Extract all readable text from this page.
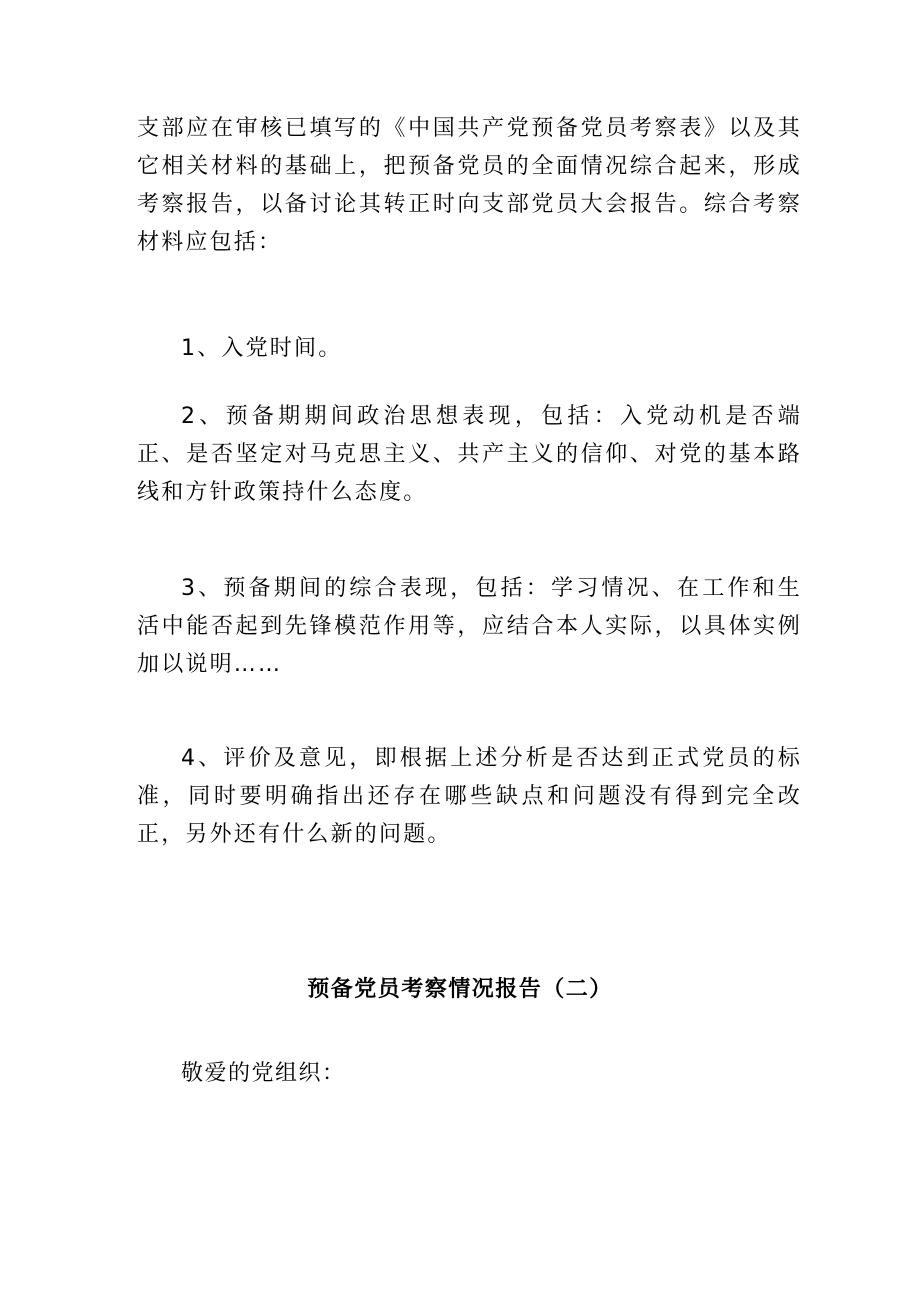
支部应在审核已填写的《中国共产党预备党员考察表》以及其它相关材料的基础上，把预备党员的全面情况综合起来，形成考察报告，以备讨论其转正时向支部党员大会报告。综合考察材料应包括：

1、入党时间。

2、预备期期间政治思想表现，包括：入党动机是否端正、是否坚定对马克思主义、共产主义的信仰、对党的基本路线和方针政策持什么态度。

3、预备期间的综合表现，包括：学习情况、在工作和生活中能否起到先锋模范作用等，应结合本人实际，以具体实例加以说明……

4、评价及意见，即根据上述分析是否达到正式党员的标准，同时要明确指出还存在哪些缺点和问题没有得到完全改正，另外还有什么新的问题。

预备党员考察情况报告（二）

敬爱的党组织：
